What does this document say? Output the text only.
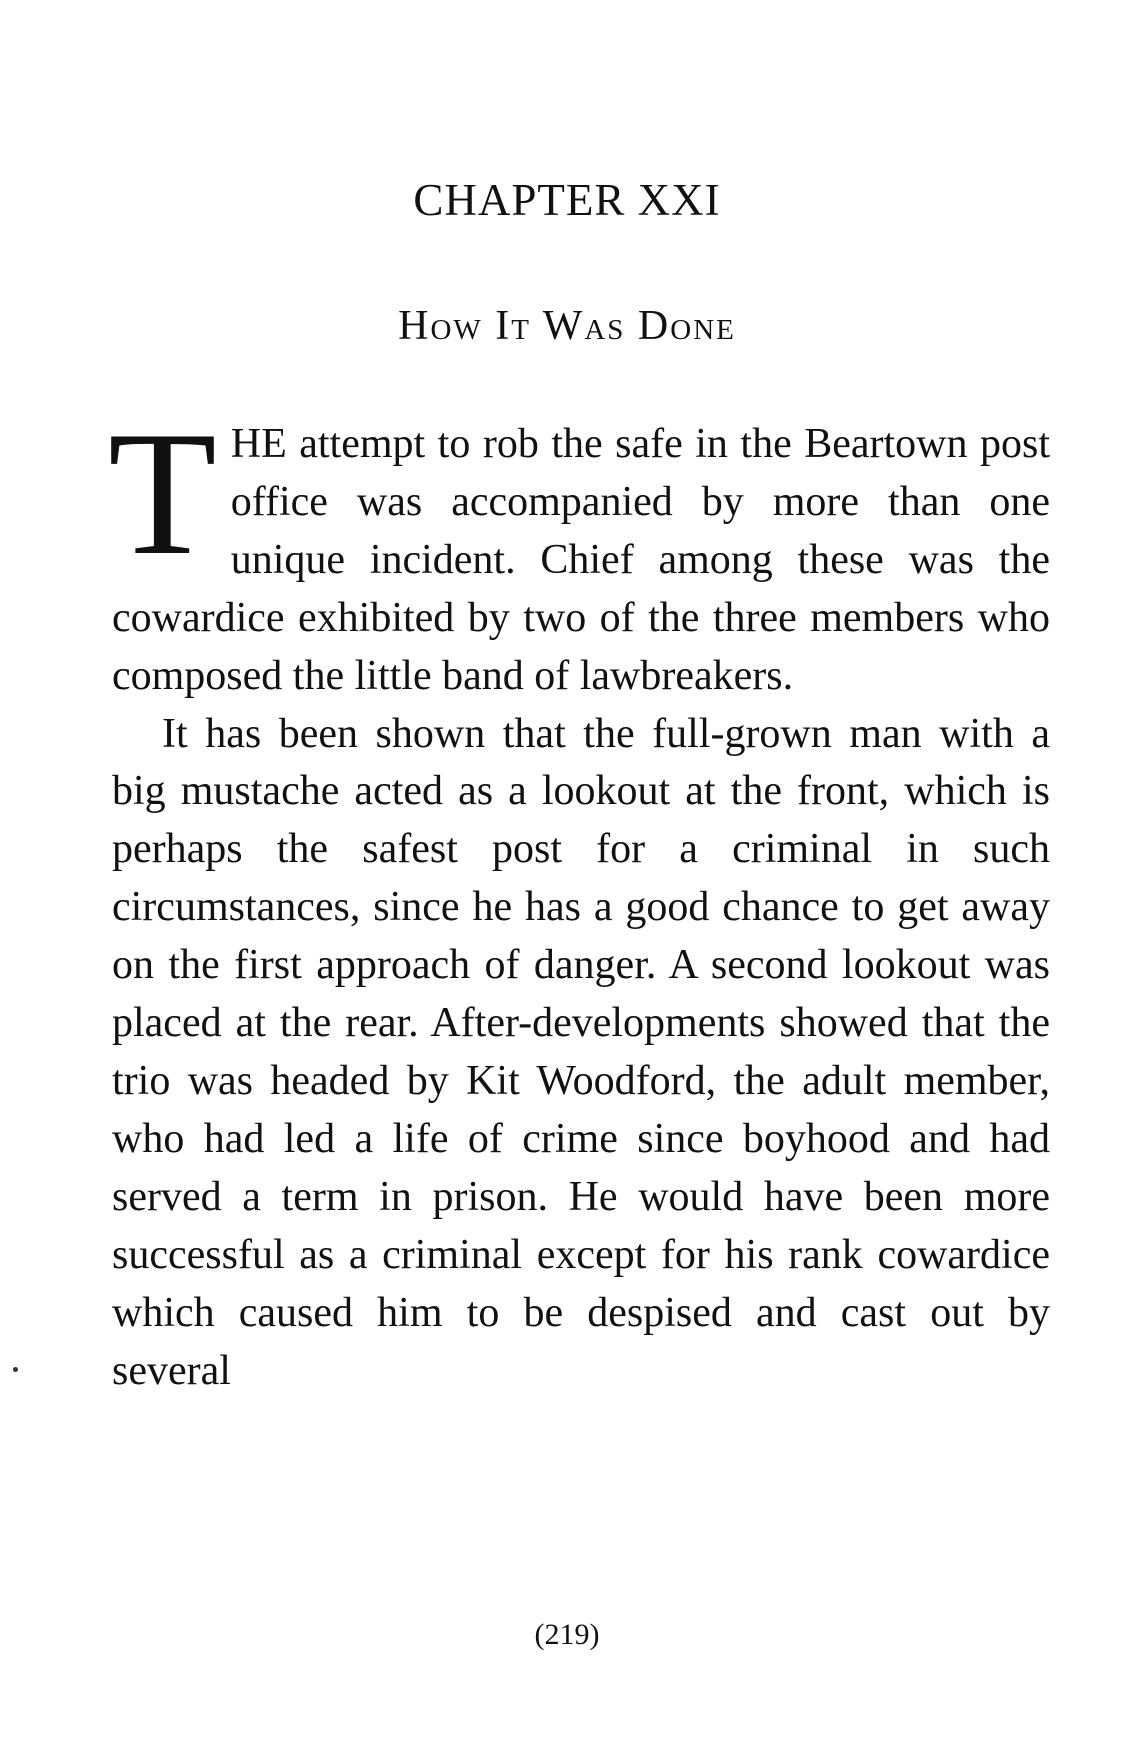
CHAPTER XXI
How It Was Done

THE attempt to rob the safe in the Beartown post office was accompanied by more than one unique incident. Chief among these was the cowardice exhibited by two of the three members who composed the little band of lawbreakers.

It has been shown that the full-grown man with a big mustache acted as a lookout at the front, which is perhaps the safest post for a criminal in such circumstances, since he has a good chance to get away on the first approach of danger. A second lookout was placed at the rear. After-developments showed that the trio was headed by Kit Woodford, the adult member, who had led a life of crime since boyhood and had served a term in prison. He would have been more successful as a criminal except for his rank cowardice which caused him to be despised and cast out by several

(219)
